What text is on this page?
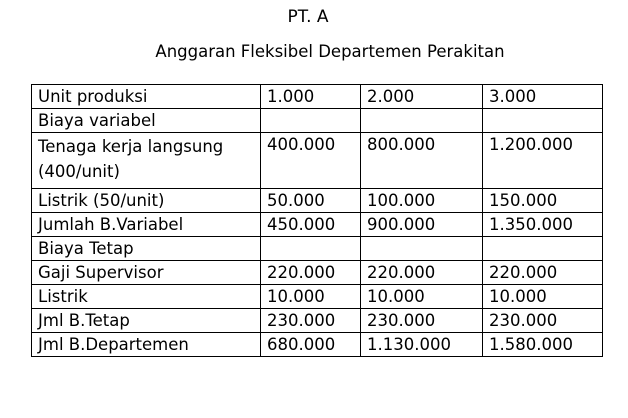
PT. A
Anggaran Fleksibel Departemen Perakitan
Unit produksi	1.000	2.000	3.000
Biaya variabel			
Tenaga kerja langsung (400/unit)	400.000	800.000	1.200.000
Listrik (50/unit)	50.000	100.000	150.000
Jumlah B.Variabel	450.000	900.000	1.350.000
Biaya Tetap			
Gaji Supervisor	220.000	220.000	220.000
Listrik	10.000	10.000	10.000
Jml B.Tetap	230.000	230.000	230.000
Jml B.Departemen	680.000	1.130.000	1.580.000
